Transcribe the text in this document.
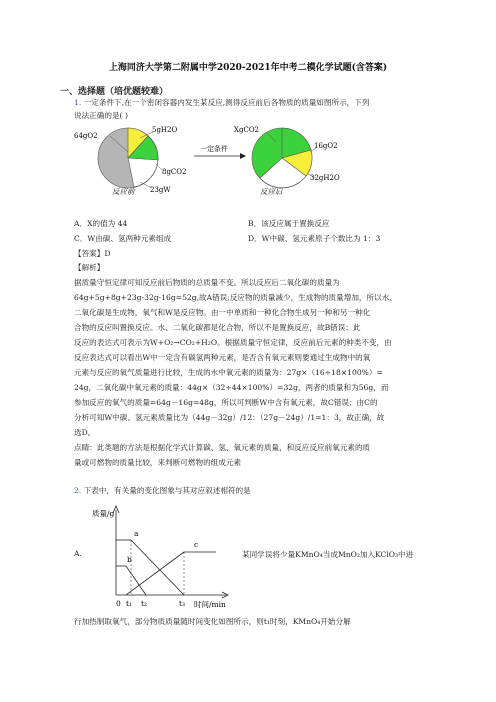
上海同济大学第二附属中学2020-2021年中考二模化学试题(含答案)
一、选择题（培优题较难）
1. 一定条件下,在一个密闭容器内发生某反应,测得反应前后各物质的质量如图所示，下列
说法正确的是( )
64gO2
5gH2O
8gCO2
反应前 23gW
一定条件
XgCO2
16gO2
32gH2O
反应后
A．X的值为 44	B．该反应属于置换反应
C．W由碳、氢两种元素组成	D．W中碳、氢元素原子个数比为 1：3
【答案】D
【解析】
据质量守恒定律可知反应前后物质的总质量不变。所以反应后二氧化碳的质量为
64g+5g+8g+23g-32g-16g=52g,故A错误;反应物的质量减少，生成物的质量增加，所以水、
二氧化碳是生成物，氧气和W是反应物。由一中单质和一种化合物生成另一种和另一种化
合物的反应叫置换反应。水、二氧化碳都是化合物，所以不是置换反应，故B错误；此
反应的表达式可表示为W+O₂→CO₂+H₂O。根据质量守恒定律，反应前后元素的种类不变，由
反应表达式可以看出W中一定含有碳氢两种元素，是否含有氧元素则要通过生成物中的氧
元素与反应的氧气质量进行比较，生成的水中氧元素的质量为：27g×（16÷18×100%）=
24g，二氧化碳中氧元素的质量：44g×（32÷44×100%）=32g，两者的质量和为56g，而
参加反应的氧气的质量=64g－16g=48g，所以可判断W中含有氧元素，故C错误；由C的
分析可知W中碳、氢元素质量比为（44g－32g）/12：（27g－24g）/1=1：3，故正确，故
选D。
点睛：此类题的方法是根据化学式计算碳、氢、氧元素的质量，和反应反应前氧元素的质
量或可燃物的质量比较，来判断可燃物的组成元素
2. 下表中，有关量的变化图象与其对应叙述相符的是
A.
质量/g
时间/min
a
b
c
0 t₁ t₂	t₃
某同学误将少量KMnO₄当成MnO₂加入KClO₃中进
行加热制取氧气，部分物质质量随时间变化如图所示，则t₁时刻，KMnO₄开始分解
